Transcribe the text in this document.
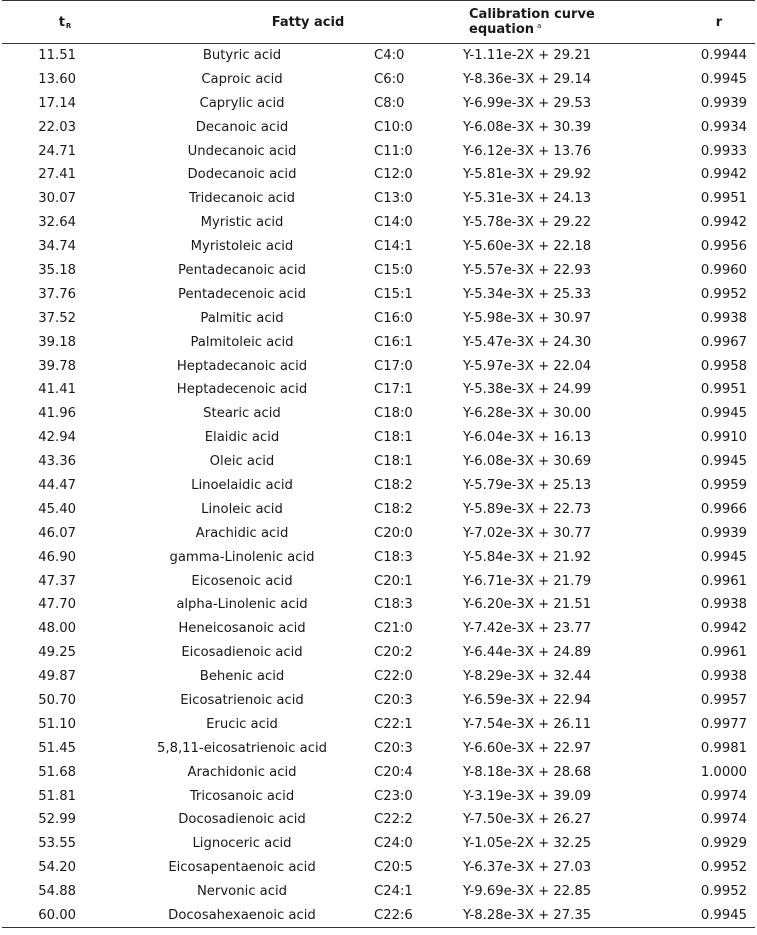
tR	Fatty acid		Calibration curve equation $^a$	r
11.51	Butyric acid	C4:0	Y-1.11e-2X + 29.21	0.9944
13.60	Caproic acid	C6:0	Y-8.36e-3X + 29.14	0.9945
17.14	Caprylic acid	C8:0	Y-6.99e-3X + 29.53	0.9939
22.03	Decanoic acid	C10:0	Y-6.08e-3X + 30.39	0.9934
24.71	Undecanoic acid	C11:0	Y-6.12e-3X + 13.76	0.9933
27.41	Dodecanoic acid	C12:0	Y-5.81e-3X + 29.92	0.9942
30.07	Tridecanoic acid	C13:0	Y-5.31e-3X + 24.13	0.9951
32.64	Myristic acid	C14:0	Y-5.78e-3X + 29.22	0.9942
34.74	Myristoleic acid	C14:1	Y-5.60e-3X + 22.18	0.9956
35.18	Pentadecanoic acid	C15:0	Y-5.57e-3X + 22.93	0.9960
37.76	Pentadecenoic acid	C15:1	Y-5.34e-3X + 25.33	0.9952
37.52	Palmitic acid	C16:0	Y-5.98e-3X + 30.97	0.9938
39.18	Palmitoleic acid	C16:1	Y-5.47e-3X + 24.30	0.9967
39.78	Heptadecanoic acid	C17:0	Y-5.97e-3X + 22.04	0.9958
41.41	Heptadecenoic acid	C17:1	Y-5.38e-3X + 24.99	0.9951
41.96	Stearic acid	C18:0	Y-6.28e-3X + 30.00	0.9945
42.94	Elaidic acid	C18:1	Y-6.04e-3X + 16.13	0.9910
43.36	Oleic acid	C18:1	Y-6.08e-3X + 30.69	0.9945
44.47	Linoelaidic acid	C18:2	Y-5.79e-3X + 25.13	0.9959
45.40	Linoleic acid	C18:2	Y-5.89e-3X + 22.73	0.9966
46.07	Arachidic acid	C20:0	Y-7.02e-3X + 30.77	0.9939
46.90	gamma-Linolenic acid	C18:3	Y-5.84e-3X + 21.92	0.9945
47.37	Eicosenoic acid	C20:1	Y-6.71e-3X + 21.79	0.9961
47.70	alpha-Linolenic acid	C18:3	Y-6.20e-3X + 21.51	0.9938
48.00	Heneicosanoic acid	C21:0	Y-7.42e-3X + 23.77	0.9942
49.25	Eicosadienoic acid	C20:2	Y-6.44e-3X + 24.89	0.9961
49.87	Behenic acid	C22:0	Y-8.29e-3X + 32.44	0.9938
50.70	Eicosatrienoic acid	C20:3	Y-6.59e-3X + 22.94	0.9957
51.10	Erucic acid	C22:1	Y-7.54e-3X + 26.11	0.9977
51.45	5,8,11-eicosatrienoic acid	C20:3	Y-6.60e-3X + 22.97	0.9981
51.68	Arachidonic acid	C20:4	Y-8.18e-3X + 28.68	1.0000
51.81	Tricosanoic acid	C23:0	Y-3.19e-3X + 39.09	0.9974
52.99	Docosadienoic acid	C22:2	Y-7.50e-3X + 26.27	0.9974
53.55	Lignoceric acid	C24:0	Y-1.05e-2X + 32.25	0.9929
54.20	Eicosapentaenoic acid	C20:5	Y-6.37e-3X + 27.03	0.9952
54.88	Nervonic acid	C24:1	Y-9.69e-3X + 22.85	0.9952
60.00	Docosahexaenoic acid	C22:6	Y-8.28e-3X + 27.35	0.9945
